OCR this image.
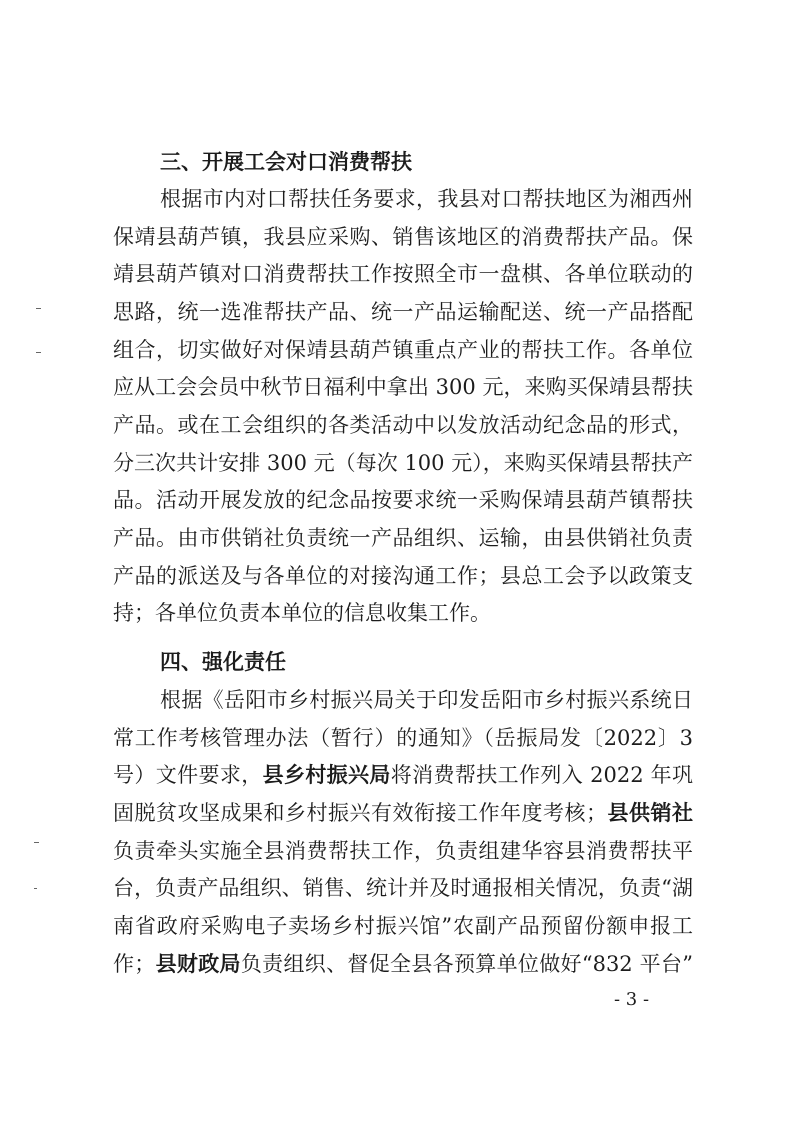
三、开展工会对口消费帮扶
根据市内对口帮扶任务要求，我县对口帮扶地区为湘西州
保靖县葫芦镇，我县应采购、销售该地区的消费帮扶产品。保
靖县葫芦镇对口消费帮扶工作按照全市一盘棋、各单位联动的
思路，统一选准帮扶产品、统一产品运输配送、统一产品搭配
组合，切实做好对保靖县葫芦镇重点产业的帮扶工作。各单位
应从工会会员中秋节日福利中拿出 300 元，来购买保靖县帮扶
产品。或在工会组织的各类活动中以发放活动纪念品的形式，
分三次共计安排 300 元（每次 100 元），来购买保靖县帮扶产
品。活动开展发放的纪念品按要求统一采购保靖县葫芦镇帮扶
产品。由市供销社负责统一产品组织、运输，由县供销社负责
产品的派送及与各单位的对接沟通工作；县总工会予以政策支
持；各单位负责本单位的信息收集工作。
四、强化责任
根据《岳阳市乡村振兴局关于印发岳阳市乡村振兴系统日
常工作考核管理办法（暂行）的通知》（岳振局发〔2022〕3
号）文件要求，县乡村振兴局将消费帮扶工作列入 2022 年巩
固脱贫攻坚成果和乡村振兴有效衔接工作年度考核；县供销社
负责牵头实施全县消费帮扶工作，负责组建华容县消费帮扶平
台，负责产品组织、销售、统计并及时通报相关情况，负责“湖
南省政府采购电子卖场乡村振兴馆”农副产品预留份额申报工
作；县财政局负责组织、督促全县各预算单位做好“832 平台”
- 3 -
